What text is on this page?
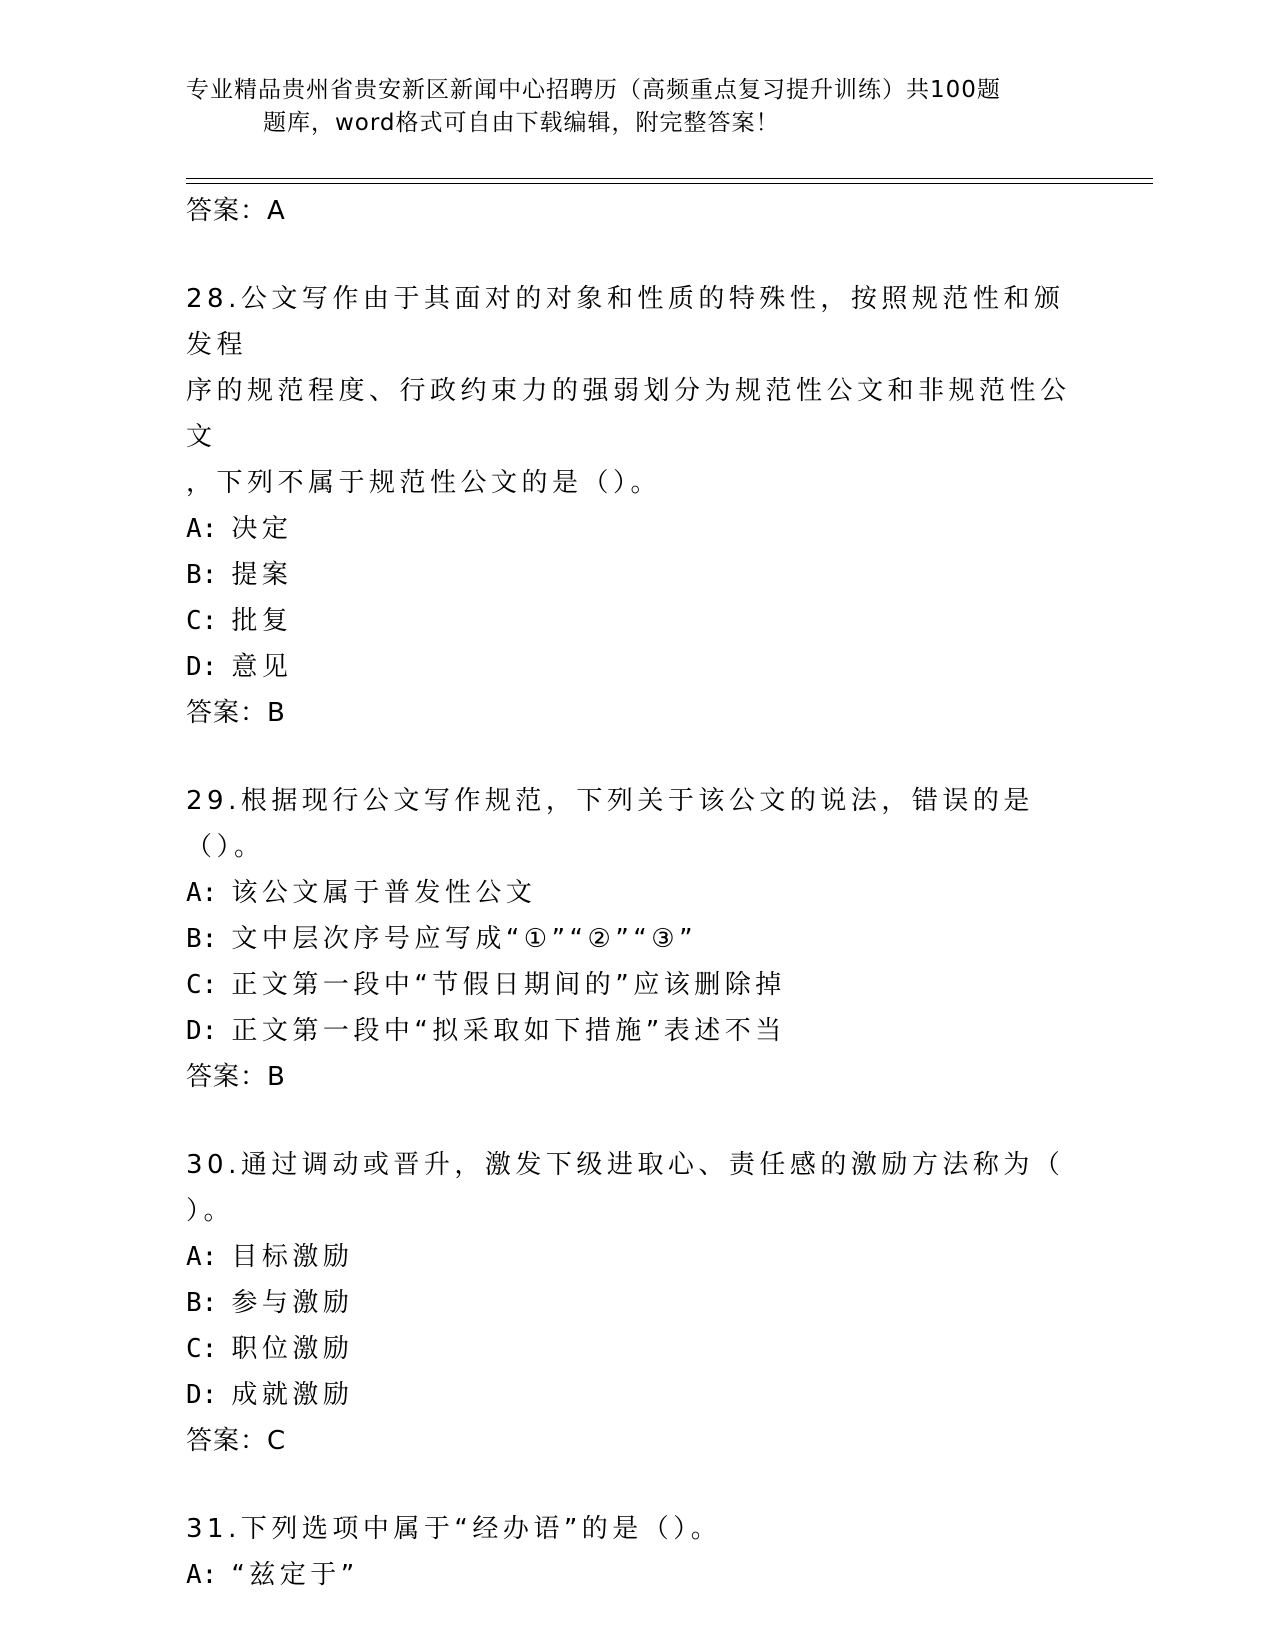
专业精品贵州省贵安新区新闻中心招聘历（高频重点复习提升训练）共100题
题库，word格式可自由下载编辑，附完整答案！
答案：A
28.公文写作由于其面对的对象和性质的特殊性，按照规范性和颁发程
序的规范程度、行政约束力的强弱划分为规范性公文和非规范性公文
，下列不属于规范性公文的是（）。
A: 决定
B: 提案
C: 批复
D: 意见
答案：B
29.根据现行公文写作规范，下列关于该公文的说法，错误的是（）。
A: 该公文属于普发性公文
B: 文中层次序号应写成“①”“②”“③”
C: 正文第一段中“节假日期间的”应该删除掉
D: 正文第一段中“拟采取如下措施”表述不当
答案：B
30.通过调动或晋升，激发下级进取心、责任感的激励方法称为（
）。
A: 目标激励
B: 参与激励
C: 职位激励
D: 成就激励
答案：C
31.下列选项中属于“经办语”的是（）。
A: “兹定于”
